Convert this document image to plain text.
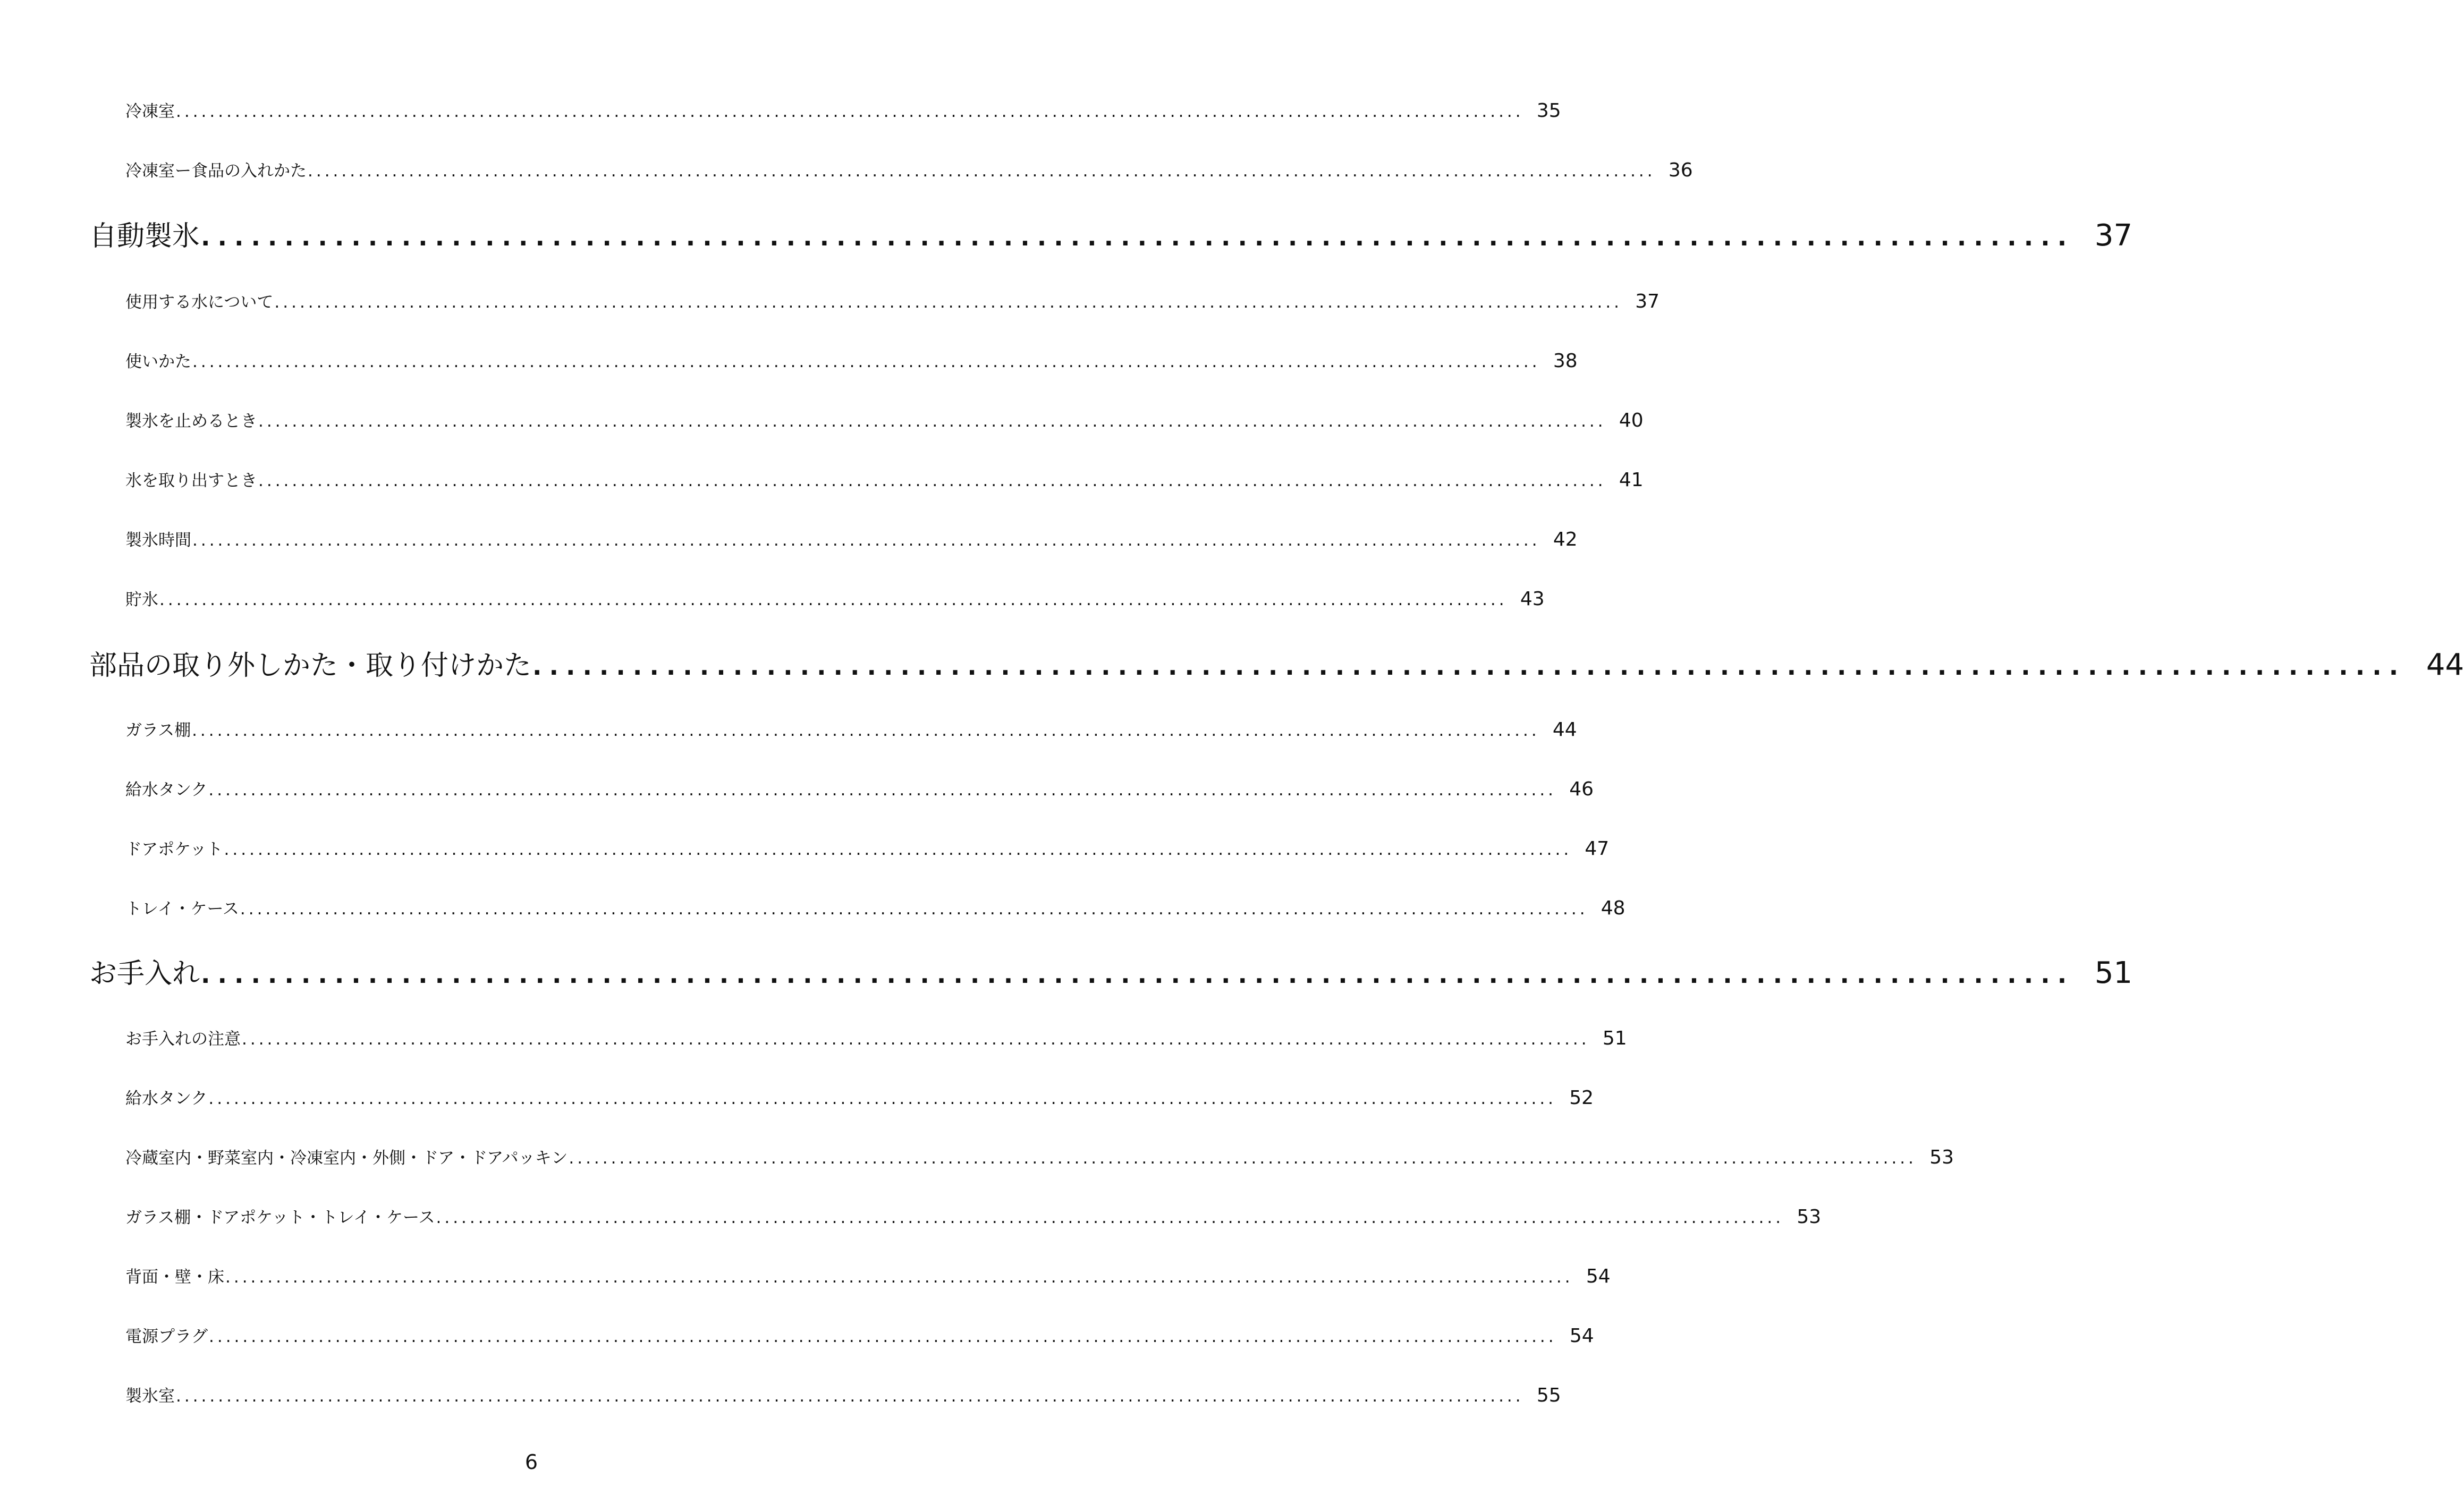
冷凍室 ................................................................................................................................................................ 35
冷凍室ー食品の入れかた ................................................................................................................................................................ 36
自動製氷 ................................................................................................................ 37
使用する水について ................................................................................................................................................................ 37
使いかた ................................................................................................................................................................ 38
製氷を止めるとき ................................................................................................................................................................ 40
氷を取り出すとき ................................................................................................................................................................ 41
製氷時間 ................................................................................................................................................................ 42
貯氷 ................................................................................................................................................................ 43
部品の取り外しかた・取り付けかた ................................................................................................................ 44
ガラス棚 ................................................................................................................................................................ 44
給水タンク ................................................................................................................................................................ 46
ドアポケット ................................................................................................................................................................ 47
トレイ・ケース ................................................................................................................................................................ 48
お手入れ ................................................................................................................ 51
お手入れの注意 ................................................................................................................................................................ 51
給水タンク ................................................................................................................................................................ 52
冷蔵室内・野菜室内・冷凍室内・外側・ドア・ドアパッキン ................................................................................................................................................................ 53
ガラス棚・ドアポケット・トレイ・ケース ................................................................................................................................................................ 53
背面・壁・床 ................................................................................................................................................................ 54
電源プラグ ................................................................................................................................................................ 54
製氷室 ................................................................................................................................................................ 55
6
